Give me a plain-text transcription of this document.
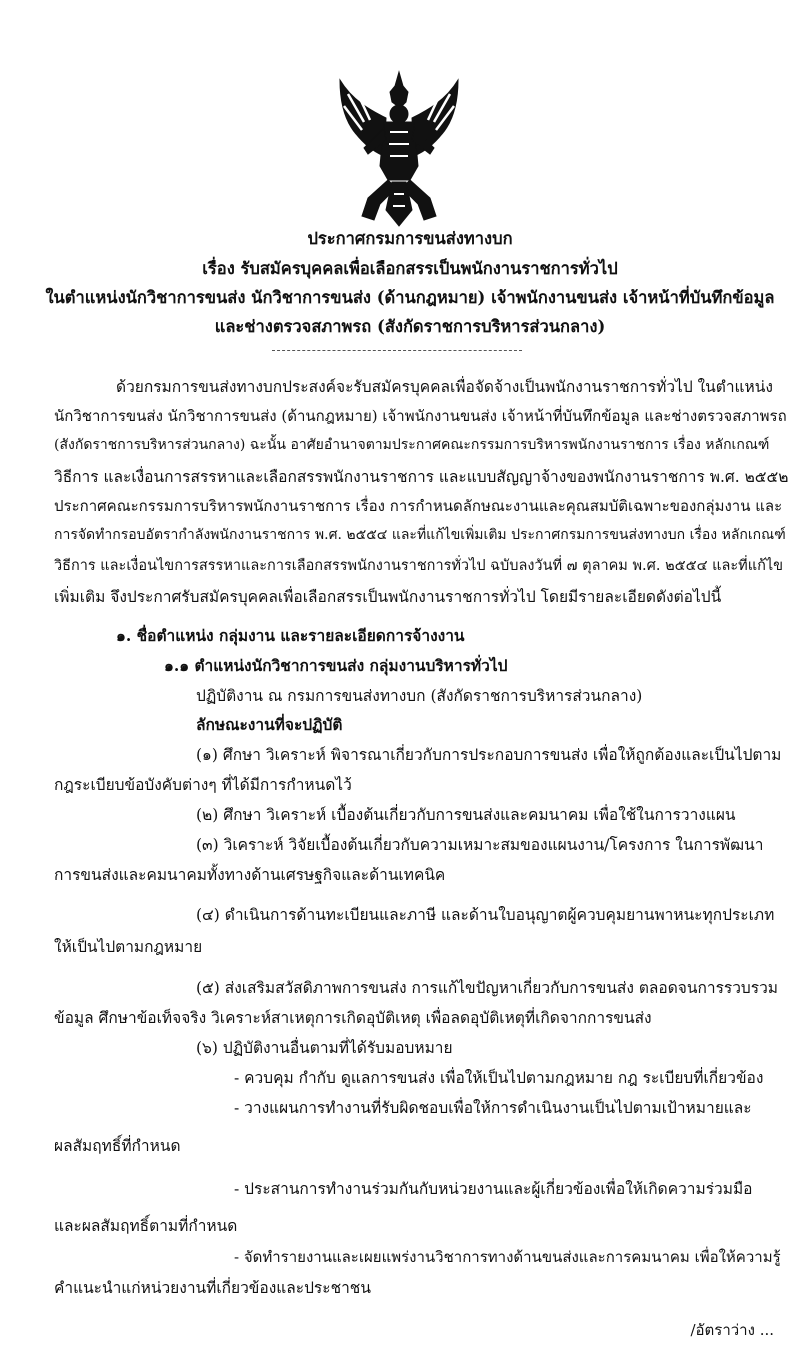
ประกาศกรมการขนส่งทางบก
เรื่อง รับสมัครบุคคลเพื่อเลือกสรรเป็นพนักงานราชการทั่วไป
ในตำแหน่งนักวิชาการขนส่ง นักวิชาการขนส่ง (ด้านกฎหมาย) เจ้าพนักงานขนส่ง เจ้าหน้าที่บันทึกข้อมูล
และช่างตรวจสภาพรถ (สังกัดราชการบริหารส่วนกลาง)
ด้วยกรมการขนส่งทางบกประสงค์จะรับสมัครบุคคลเพื่อจัดจ้างเป็นพนักงานราชการทั่วไป ในตำแหน่ง
นักวิชาการขนส่ง นักวิชาการขนส่ง (ด้านกฎหมาย) เจ้าพนักงานขนส่ง เจ้าหน้าที่บันทึกข้อมูล และช่างตรวจสภาพรถ
(สังกัดราชการบริหารส่วนกลาง) ฉะนั้น อาศัยอำนาจตามประกาศคณะกรรมการบริหารพนักงานราชการ เรื่อง หลักเกณฑ์
วิธีการ และเงื่อนการสรรหาและเลือกสรรพนักงานราชการ และแบบสัญญาจ้างของพนักงานราชการ พ.ศ. ๒๕๕๒
ประกาศคณะกรรมการบริหารพนักงานราชการ เรื่อง การกำหนดลักษณะงานและคุณสมบัติเฉพาะของกลุ่มงาน และ
การจัดทำกรอบอัตรากำลังพนักงานราชการ พ.ศ. ๒๕๕๔ และที่แก้ไขเพิ่มเติม ประกาศกรมการขนส่งทางบก เรื่อง หลักเกณฑ์
วิธีการ และเงื่อนไขการสรรหาและการเลือกสรรพนักงานราชการทั่วไป ฉบับลงวันที่ ๗ ตุลาคม พ.ศ. ๒๕๕๔ และที่แก้ไข
เพิ่มเติม จึงประกาศรับสมัครบุคคลเพื่อเลือกสรรเป็นพนักงานราชการทั่วไป โดยมีรายละเอียดดังต่อไปนี้
๑. ชื่อตำแหน่ง กลุ่มงาน และรายละเอียดการจ้างงาน
๑.๑ ตำแหน่งนักวิชาการขนส่ง กลุ่มงานบริหารทั่วไป
ปฏิบัติงาน ณ กรมการขนส่งทางบก (สังกัดราชการบริหารส่วนกลาง)
ลักษณะงานที่จะปฏิบัติ
(๑) ศึกษา วิเคราะห์ พิจารณาเกี่ยวกับการประกอบการขนส่ง เพื่อให้ถูกต้องและเป็นไปตาม
กฎระเบียบข้อบังคับต่างๆ ที่ได้มีการกำหนดไว้
(๒) ศึกษา วิเคราะห์ เบื้องต้นเกี่ยวกับการขนส่งและคมนาคม เพื่อใช้ในการวางแผน
(๓) วิเคราะห์ วิจัยเบื้องต้นเกี่ยวกับความเหมาะสมของแผนงาน/โครงการ ในการพัฒนา
การขนส่งและคมนาคมทั้งทางด้านเศรษฐกิจและด้านเทคนิค
(๔) ดำเนินการด้านทะเบียนและภาษี และด้านใบอนุญาตผู้ควบคุมยานพาหนะทุกประเภท
ให้เป็นไปตามกฎหมาย
(๕) ส่งเสริมสวัสดิภาพการขนส่ง การแก้ไขปัญหาเกี่ยวกับการขนส่ง ตลอดจนการรวบรวม
ข้อมูล ศึกษาข้อเท็จจริง วิเคราะห์สาเหตุการเกิดอุบัติเหตุ เพื่อลดอุบัติเหตุที่เกิดจากการขนส่ง
(๖) ปฏิบัติงานอื่นตามที่ได้รับมอบหมาย
- ควบคุม กำกับ ดูแลการขนส่ง เพื่อให้เป็นไปตามกฎหมาย กฎ ระเบียบที่เกี่ยวข้อง
- วางแผนการทำงานที่รับผิดชอบเพื่อให้การดำเนินงานเป็นไปตามเป้าหมายและ
ผลสัมฤทธิ์ที่กำหนด
- ประสานการทำงานร่วมกันกับหน่วยงานและผู้เกี่ยวข้องเพื่อให้เกิดความร่วมมือ
และผลสัมฤทธิ์ตามที่กำหนด
- จัดทำรายงานและเผยแพร่งานวิชาการทางด้านขนส่งและการคมนาคม เพื่อให้ความรู้
คำแนะนำแก่หน่วยงานที่เกี่ยวข้องและประชาชน
/อัตราว่าง ...
